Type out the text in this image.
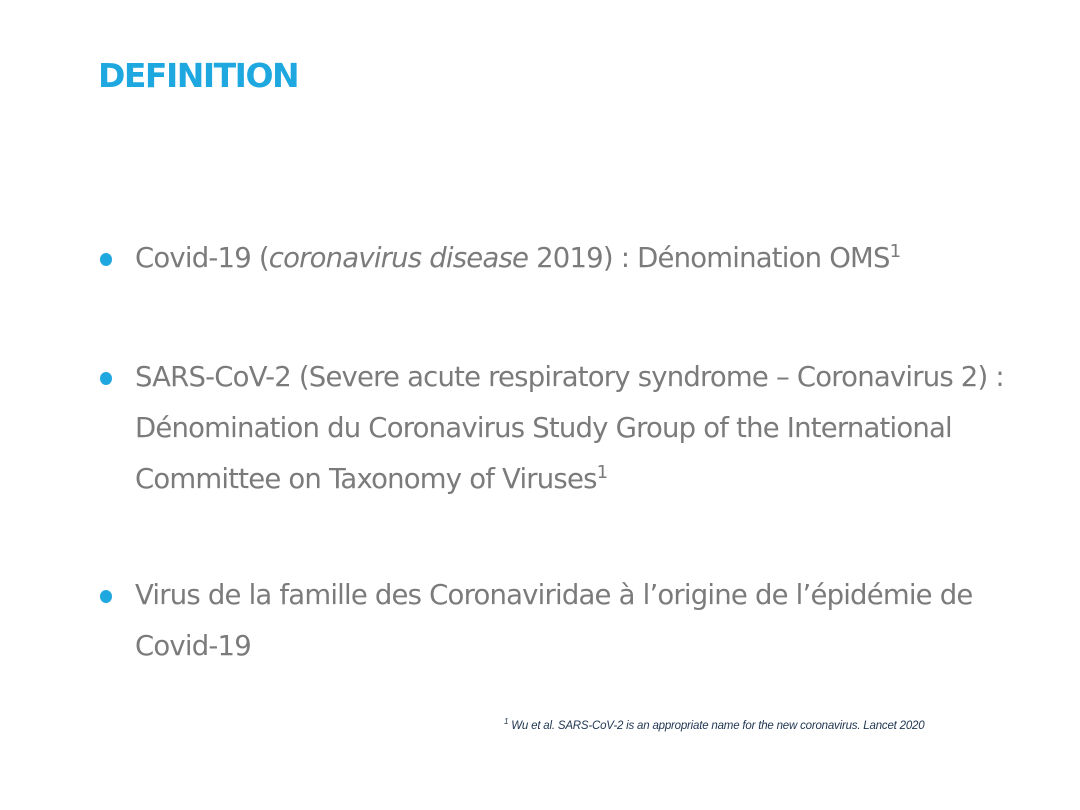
DEFINITION
Covid-19 (coronavirus disease 2019) : Dénomination OMS$^1$
SARS-CoV-2 (Severe acute respiratory syndrome – Coronavirus 2) : Dénomination du Coronavirus Study Group of the International Committee on Taxonomy of Viruses$^1$
Virus de la famille des Coronaviridae à l’origine de l’épidémie de Covid-19
$^1$ Wu et al. SARS-CoV-2 is an appropriate name for the new coronavirus. Lancet 2020
